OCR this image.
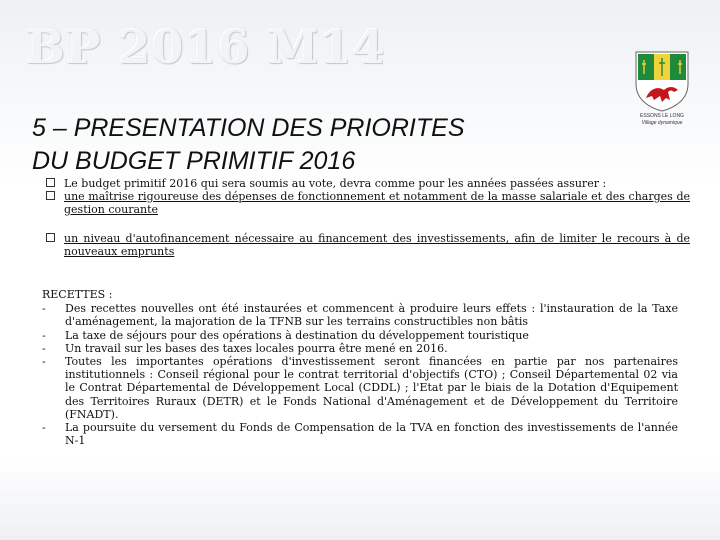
BP 2016 M14
ESSONS LE LONG
Village dynamique
5 – PRESENTATION DES PRIORITES
DU BUDGET PRIMITIF 2016
Le budget primitif 2016 qui sera soumis au vote, devra comme pour les années passées assurer :
une maîtrise rigoureuse des dépenses de fonctionnement et notamment de la masse salariale et des charges de gestion courante
un niveau d'autofinancement nécessaire au financement des investissements, afin de limiter le recours à de nouveaux emprunts
RECETTES :
- Des recettes nouvelles ont été instaurées et commencent à produire leurs effets : l'instauration de la Taxe d'aménagement, la majoration de la TFNB sur les terrains constructibles non bâtis
- La taxe de séjours pour des opérations à destination du développement touristique
- Un travail sur les bases des taxes locales pourra être mené en 2016.
- Toutes les importantes opérations d'investissement seront financées en partie par nos partenaires institutionnels : Conseil régional pour le contrat territorial d'objectifs (CTO) ; Conseil Départemental 02 via le Contrat Départemental de Développement Local (CDDL) ; l'Etat par le biais de la Dotation d'Equipement des Territoires Ruraux (DETR) et le Fonds National d'Aménagement et de Développement du Territoire (FNADT).
- La poursuite du versement du Fonds de Compensation de la TVA en fonction des investissements de l'année N-1
